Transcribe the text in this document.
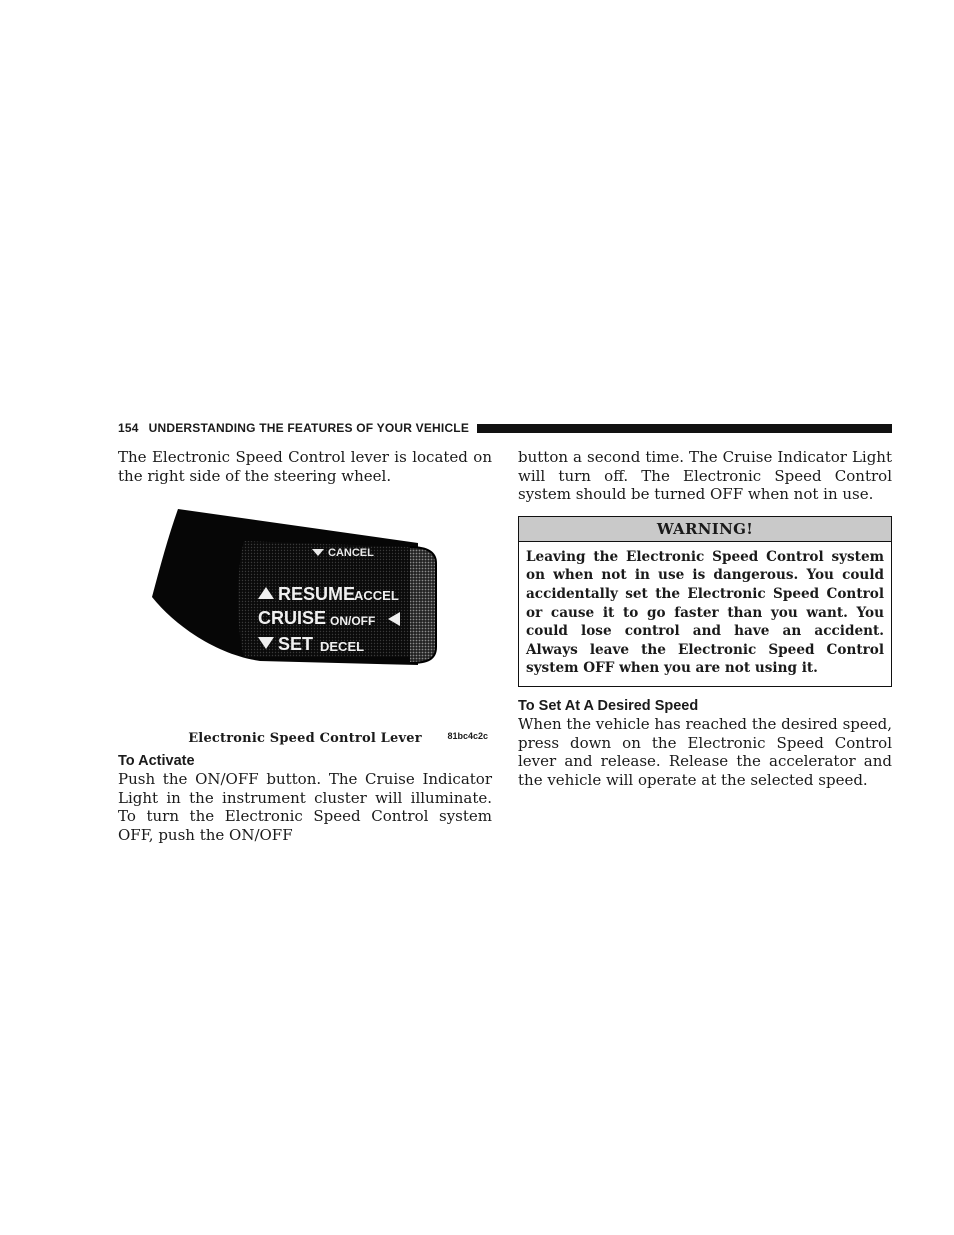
154 UNDERSTANDING THE FEATURES OF YOUR VEHICLE

The Electronic Speed Control lever is located on the right side of the steering wheel.

CANCEL
RESUME
ACCEL
CRUISE ON/OFF
SET DECEL
81bc4c2c
Electronic Speed Control Lever
To Activate

Push the ON/OFF button. The Cruise Indicator Light in the instrument cluster will illuminate. To turn the Electronic Speed Control system OFF, push the ON/OFF

button a second time. The Cruise Indicator Light will turn off. The Electronic Speed Control system should be turned OFF when not in use.

WARNING!
Leaving the Electronic Speed Control system on when not in use is dangerous. You could accidentally set the Electronic Speed Control or cause it to go faster than you want. You could lose control and have an accident. Always leave the Electronic Speed Control system OFF when you are not using it.
To Set At A Desired Speed

When the vehicle has reached the desired speed, press down on the Electronic Speed Control lever and release. Release the accelerator and the vehicle will operate at the selected speed.
